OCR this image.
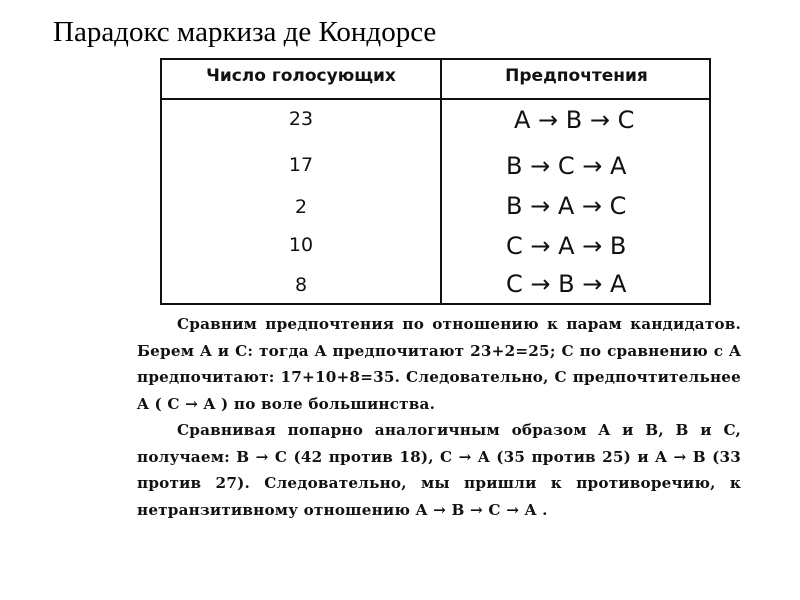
Парадокс маркиза де Кондорсе
Число голосующих	Предпочтения
23	A → B → C
17	B → C → A
2	B → A → C
10	C → A → B
8	C → B → A

Сравним предпочтения по отношению к парам кандидатов. Берем A и C: тогда A предпочитают 23+2=25; C по сравнению с A предпочитают: 17+10+8=35. Следовательно, C предпочтительнее A ( C → A ) по воле большинства.

Сравнивая попарно аналогичным образом A и B, B и C, получаем: B → C (42 против 18), C → A (35 против 25) и A → B (33 против 27). Следовательно, мы пришли к противоречию, к нетранзитивному отношению A → B → C → A .
